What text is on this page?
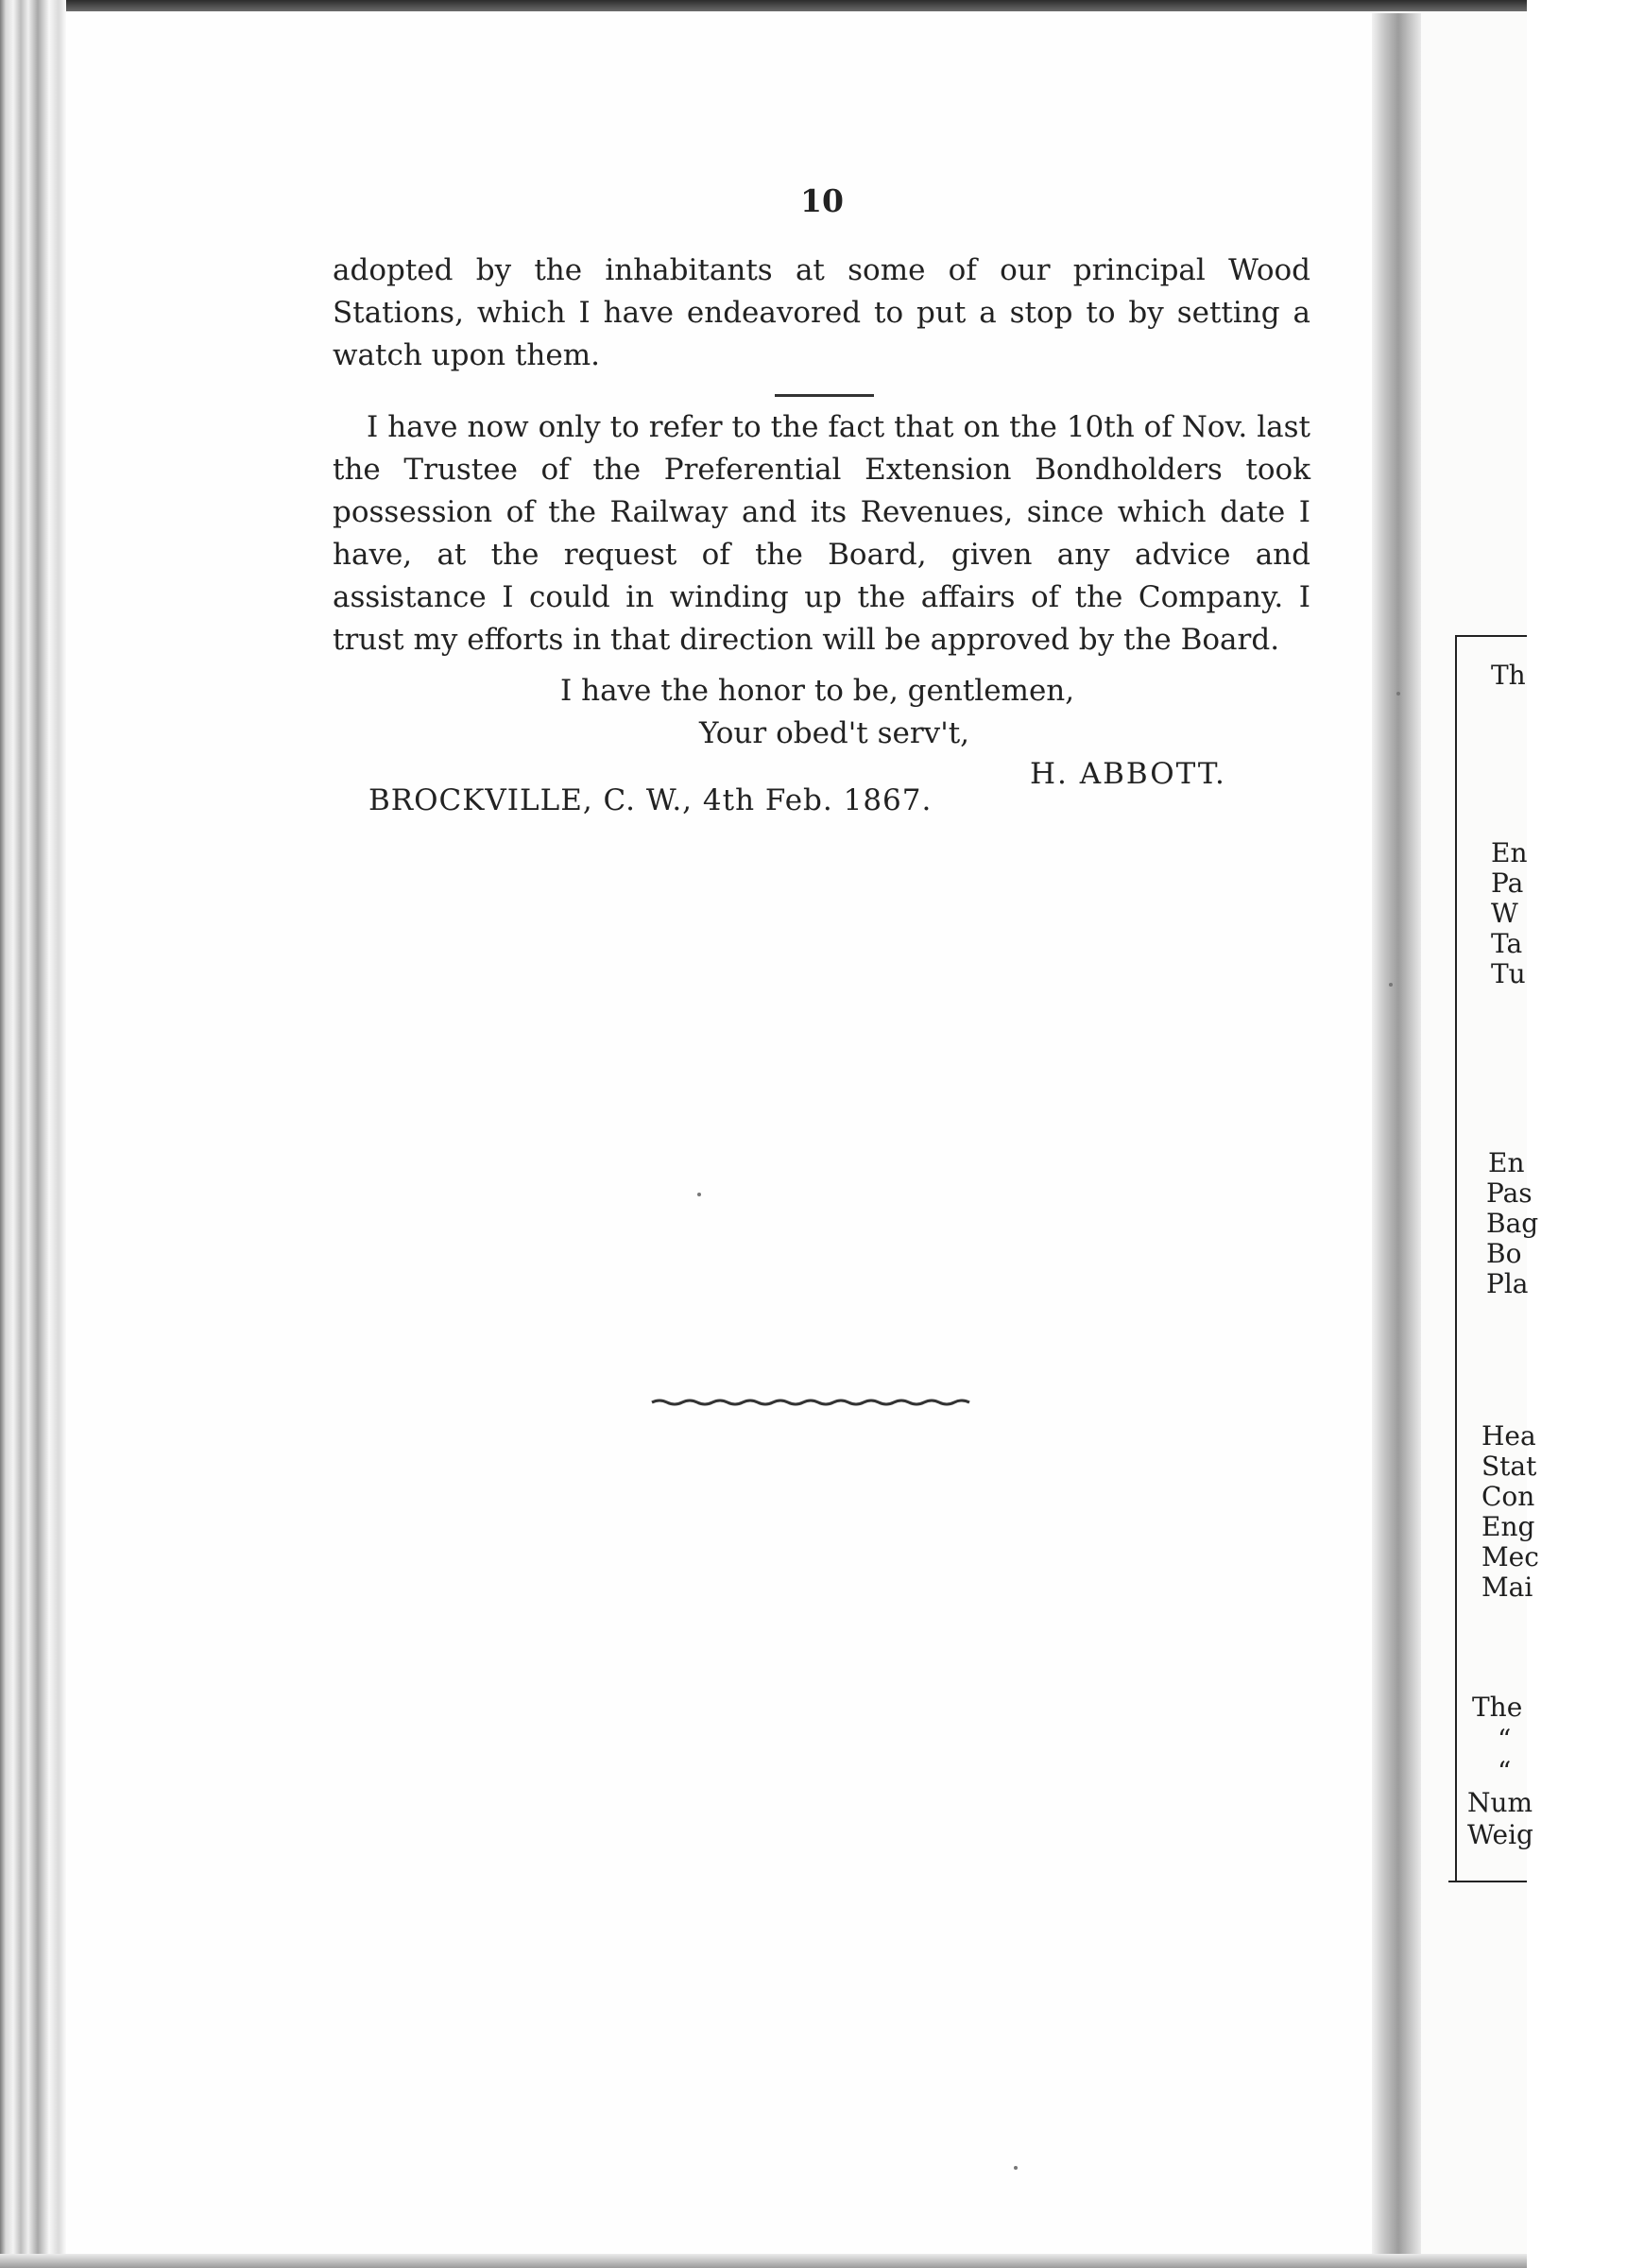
10
adopted by the inhabitants at some of our principal Wood Stations, which I have endeavored to put a stop to by setting a watch upon them.
I have now only to refer to the fact that on the 10th of Nov. last the Trustee of the Preferential Extension Bondholders took possession of the Railway and its Revenues, since which date I have, at the request of the Board, given any advice and assistance I could in winding up the affairs of the Company. I trust my efforts in that direction will be approved by the Board.
I have the honor to be, gentlemen,
Your obed't serv't,
H. ABBOTT.
BROCKVILLE, C. W., 4th Feb. 1867.
Th
En
Pa
W
Ta
Tu
En
Pas
Bag
Bo
Pla
Hea
Stat
Con
Eng
Mec
Mai
The
“
“
Num
Weig
